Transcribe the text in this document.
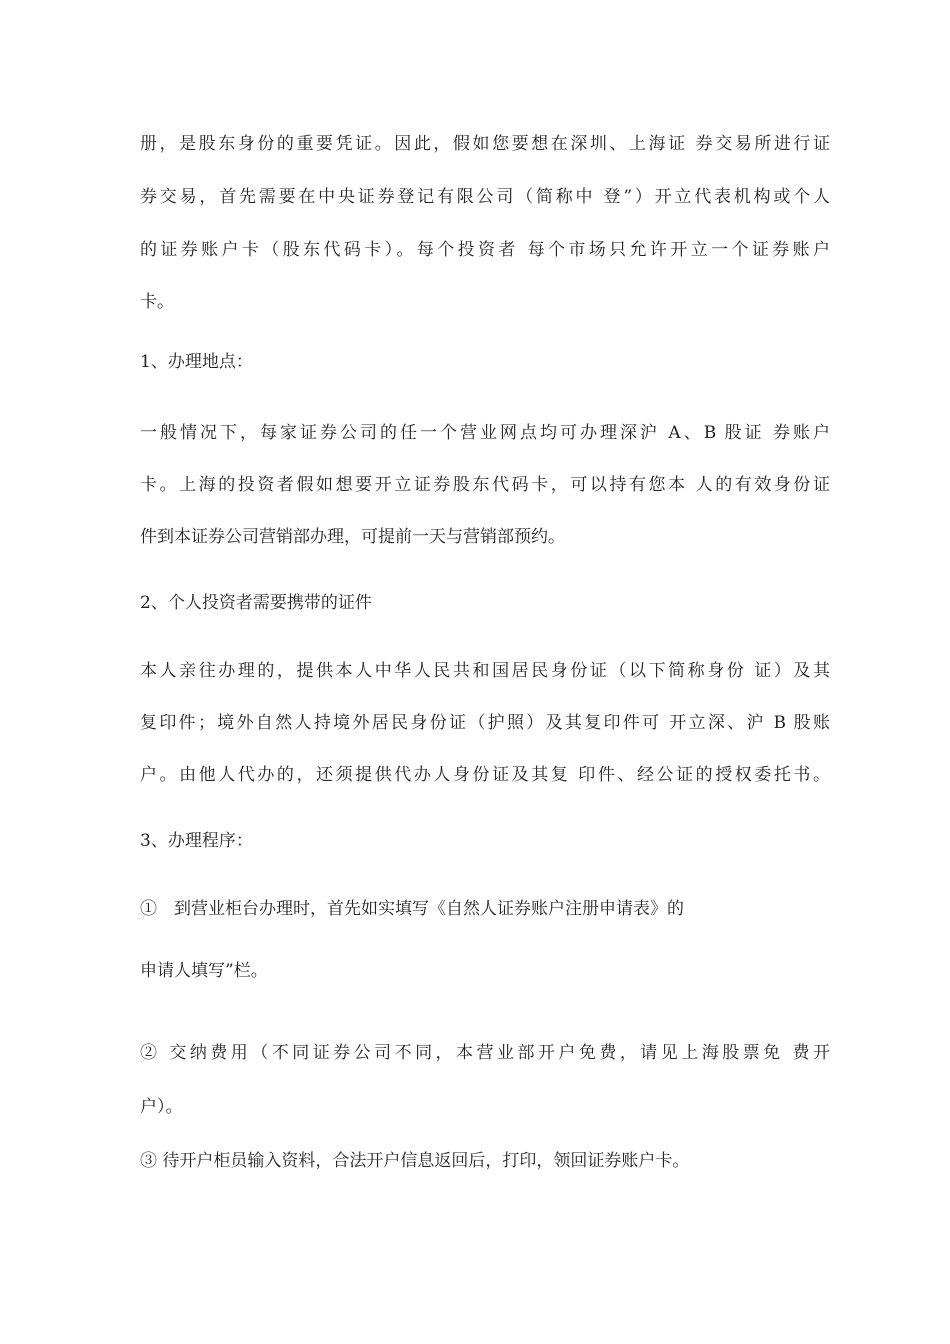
册，是股东身份的重要凭证。因此，假如您要想在深圳、上海证 券交易所进行证
券交易，首先需要在中央证券登记有限公司（简称中 登”）开立代表机构或个人
的证券账户卡（股东代码卡）。每个投资者 每个市场只允许开立一个证券账户
卡。
1、办理地点：
一般情况下，每家证券公司的任一个营业网点均可办理深沪 A、B 股证 券账户
卡。上海的投资者假如想要开立证券股东代码卡，可以持有您本 人的有效身份证
件到本证券公司营销部办理，可提前一天与营销部预约。
2、个人投资者需要携带的证件
本人亲往办理的，提供本人中华人民共和国居民身份证（以下简称身份 证）及其
复印件；境外自然人持境外居民身份证（护照）及其复印件可 开立深、沪 B 股账
户。由他人代办的，还须提供代办人身份证及其复 印件、经公证的授权委托书。
3、办理程序：
①　到营业柜台办理时，首先如实填写《自然人证券账户注册申请表》的
申请人填写”栏。
② 交纳费用（不同证券公司不同，本营业部开户免费，请见上海股票免 费开
户）。
③ 待开户柜员输入资料，合法开户信息返回后，打印，领回证券账户卡。
